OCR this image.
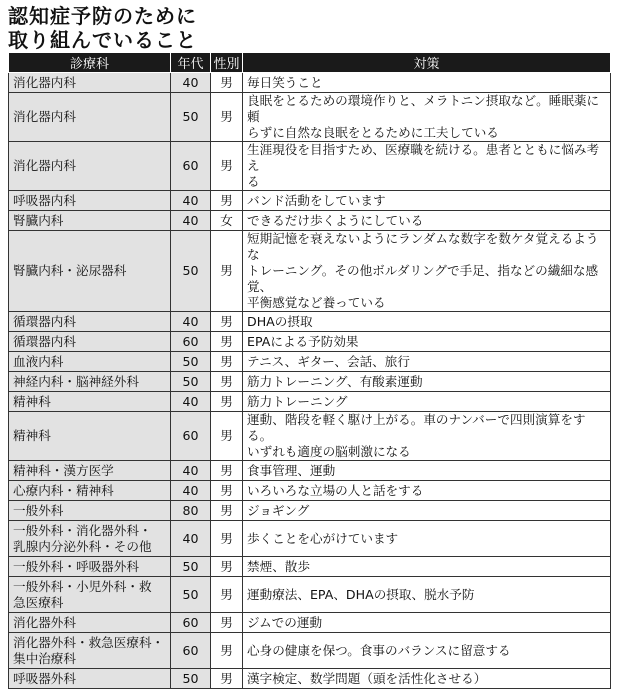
認知症予防のために
取り組んでいること
診療科	年代	性別	対策

消化器内科	40	男	毎日笑うこと

消化器内科	50	男	良眠をとるための環境作りと、メラトニン摂取など。睡眠薬に頼
らずに自然な良眠をとるために工夫している

消化器内科	60	男	生涯現役を目指すため、医療職を続ける。患者とともに悩み考え
る

呼吸器内科	40	男	バンド活動をしています

腎臓内科	40	女	できるだけ歩くようにしている

腎臓内科・泌尿器科	50	男	短期記憶を衰えないようにランダムな数字を数ケタ覚えるような
トレーニング。その他ボルダリングで手足、指などの繊細な感覚、
平衡感覚など養っている

循環器内科	40	男	DHAの摂取

循環器内科	60	男	EPAによる予防効果

血液内科	50	男	テニス、ギター、会話、旅行

神経内科・脳神経外科	50	男	筋力トレーニング、有酸素運動

精神科	40	男	筋力トレーニング

精神科	60	男	運動、階段を軽く駆け上がる。車のナンバーで四則演算をする。
いずれも適度の脳刺激になる

精神科・漢方医学	40	男	食事管理、運動

心療内科・精神科	40	男	いろいろな立場の人と話をする

一般外科	80	男	ジョギング

一般外科・消化器外科・
乳腺内分泌外科・その他	40	男	歩くことを心がけています

一般外科・呼吸器外科	50	男	禁煙、散歩

一般外科・小児外科・救
急医療科	50	男	運動療法、EPA、DHAの摂取、脱水予防

消化器外科	60	男	ジムでの運動

消化器外科・救急医療科・
集中治療科	60	男	心身の健康を保つ。食事のバランスに留意する

呼吸器外科	50	男	漢字検定、数学問題（頭を活性化させる）
